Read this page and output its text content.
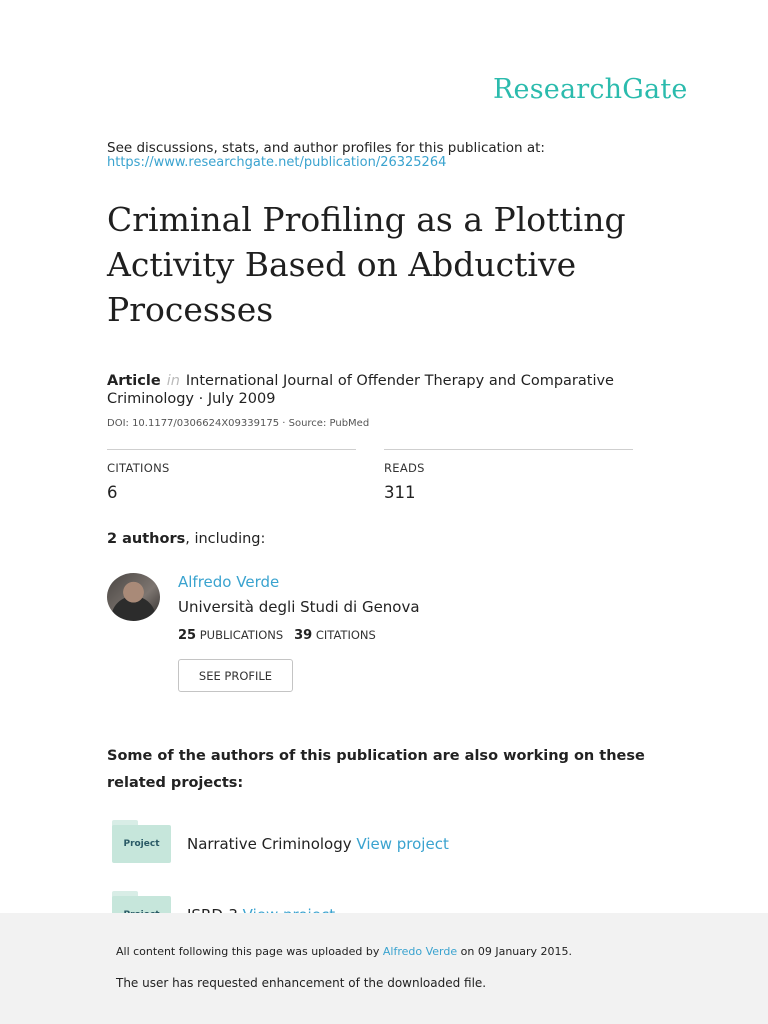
ResearchGate
See discussions, stats, and author profiles for this publication at:
https://www.researchgate.net/publication/26325264
Criminal Profiling as a Plotting Activity Based on Abductive Processes
Article in International Journal of Offender Therapy and Comparative Criminology · July 2009
DOI: 10.1177/0306624X09339175 · Source: PubMed
CITATIONS
6
READS
311
2 authors, including:
Alfredo Verde
Università degli Studi di Genova
25 PUBLICATIONS 39 CITATIONS
SEE PROFILE

Some of the authors of this publication are also working on these related projects:

Project	Narrative Criminology View project
All content following this page was uploaded by Alfredo Verde on 09 January 2015.
The user has requested enhancement of the downloaded file.
